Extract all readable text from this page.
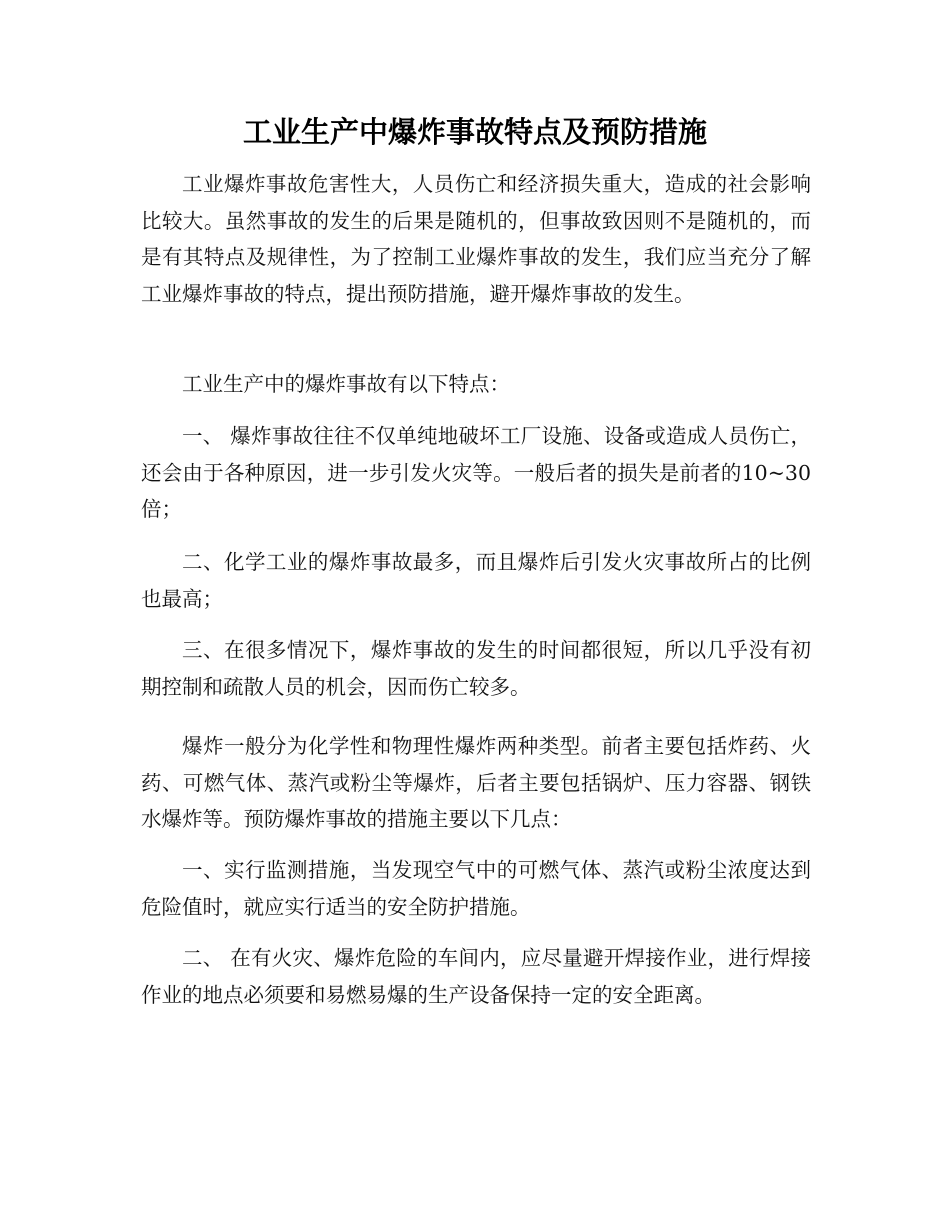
工业生产中爆炸事故特点及预防措施

工业爆炸事故危害性大，人员伤亡和经济损失重大，造成的社会影响比较大。虽然事故的发生的后果是随机的，但事故致因则不是随机的，而是有其特点及规律性，为了控制工业爆炸事故的发生，我们应当充分了解工业爆炸事故的特点，提出预防措施，避开爆炸事故的发生。

工业生产中的爆炸事故有以下特点：

一、 爆炸事故往往不仅单纯地破坏工厂设施、设备或造成人员伤亡，还会由于各种原因，进一步引发火灾等。一般后者的损失是前者的10~30倍；

二、化学工业的爆炸事故最多，而且爆炸后引发火灾事故所占的比例也最高；

三、在很多情况下，爆炸事故的发生的时间都很短，所以几乎没有初期控制和疏散人员的机会，因而伤亡较多。

爆炸一般分为化学性和物理性爆炸两种类型。前者主要包括炸药、火药、可燃气体、蒸汽或粉尘等爆炸，后者主要包括锅炉、压力容器、钢铁水爆炸等。预防爆炸事故的措施主要以下几点：

一、实行监测措施，当发现空气中的可燃气体、蒸汽或粉尘浓度达到危险值时，就应实行适当的安全防护措施。

二、 在有火灾、爆炸危险的车间内，应尽量避开焊接作业，进行焊接作业的地点必须要和易燃易爆的生产设备保持一定的安全距离。
